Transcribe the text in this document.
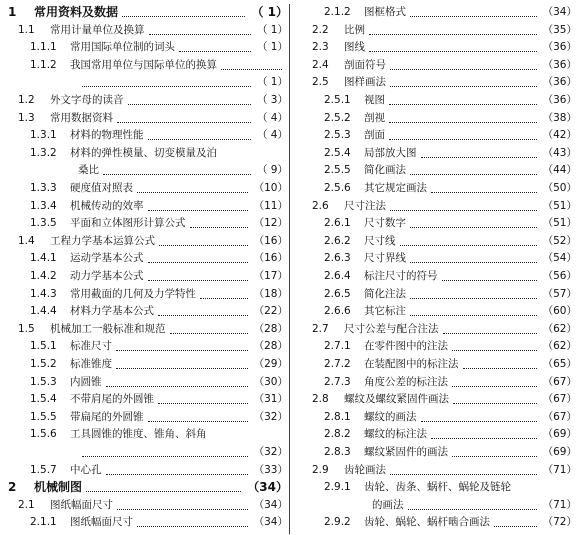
1 常用资料及数据	（ 1）
1.1 常用计量单位及换算	（ 1）
1.1.1 常用国际单位制的词头	（ 1）
1.1.2 我国常用单位与国际单位的换算
（ 1）
1.2 外文字母的读音	（ 3）
1.3 常用数据资料	（ 4）
1.3.1 材料的物理性能	（ 4）
1.3.2 材料的弹性模量、切变模量及泊
桑比	（ 9）
1.3.3 硬度值对照表	（10）
1.3.4 机械传动的效率	（11）
1.3.5 平面和立体图形计算公式	（12）
1.4 工程力学基本运算公式	（16）
1.4.1 运动学基本公式	（16）
1.4.2 动力学基本公式	（17）
1.4.3 常用截面的几何及力学特性	（18）
1.4.4 材料力学基本公式	（22）
1.5 机械加工一般标准和规范	（28）
1.5.1 标准尺寸	（28）
1.5.2 标准锥度	（29）
1.5.3 内圆锥	（30）
1.5.4 不带肩尾的外圆锥	（31）
1.5.5 带扁尾的外圆锥	（32）
1.5.6 工具圆锥的锥度、锥角、斜角
（32）
1.5.7 中心孔	（33）
2 机械制图	（34）
2.1 图纸幅面尺寸	（34）
2.1.1 图纸幅面尺寸	（34）
2.1.2 图框格式	（34）
2.2 比例	（35）
2.3 图线	（36）
2.4 剖面符号	（36）
2.5 图样画法	（36）
2.5.1 视图	（36）
2.5.2 剖视	（38）
2.5.3 剖面	（42）
2.5.4 局部放大图	（43）
2.5.5 简化画法	（44）
2.5.6 其它规定画法	（50）
2.6 尺寸注法	（51）
2.6.1 尺寸数字	（51）
2.6.2 尺寸线	（52）
2.6.3 尺寸界线	（54）
2.6.4 标注尺寸的符号	（56）
2.6.5 简化注法	（57）
2.6.6 其它标注	（60）
2.7 尺寸公差与配合注法	（62）
2.7.1 在零件图中的注法	（62）
2.7.2 在装配图中的标注法	（65）
2.7.3 角度公差的标注法	（67）
2.8 螺纹及螺纹紧固件画法	（67）
2.8.1 螺纹的画法	（67）
2.8.2 螺纹的标注法	（69）
2.8.3 螺纹紧固件的画法	（69）
2.9 齿轮画法	（71）
2.9.1 齿轮、齿条、蜗杆、蜗轮及链轮
的画法	（71）
2.9.2 齿轮、蜗轮、蜗杆啮合画法	（72）
